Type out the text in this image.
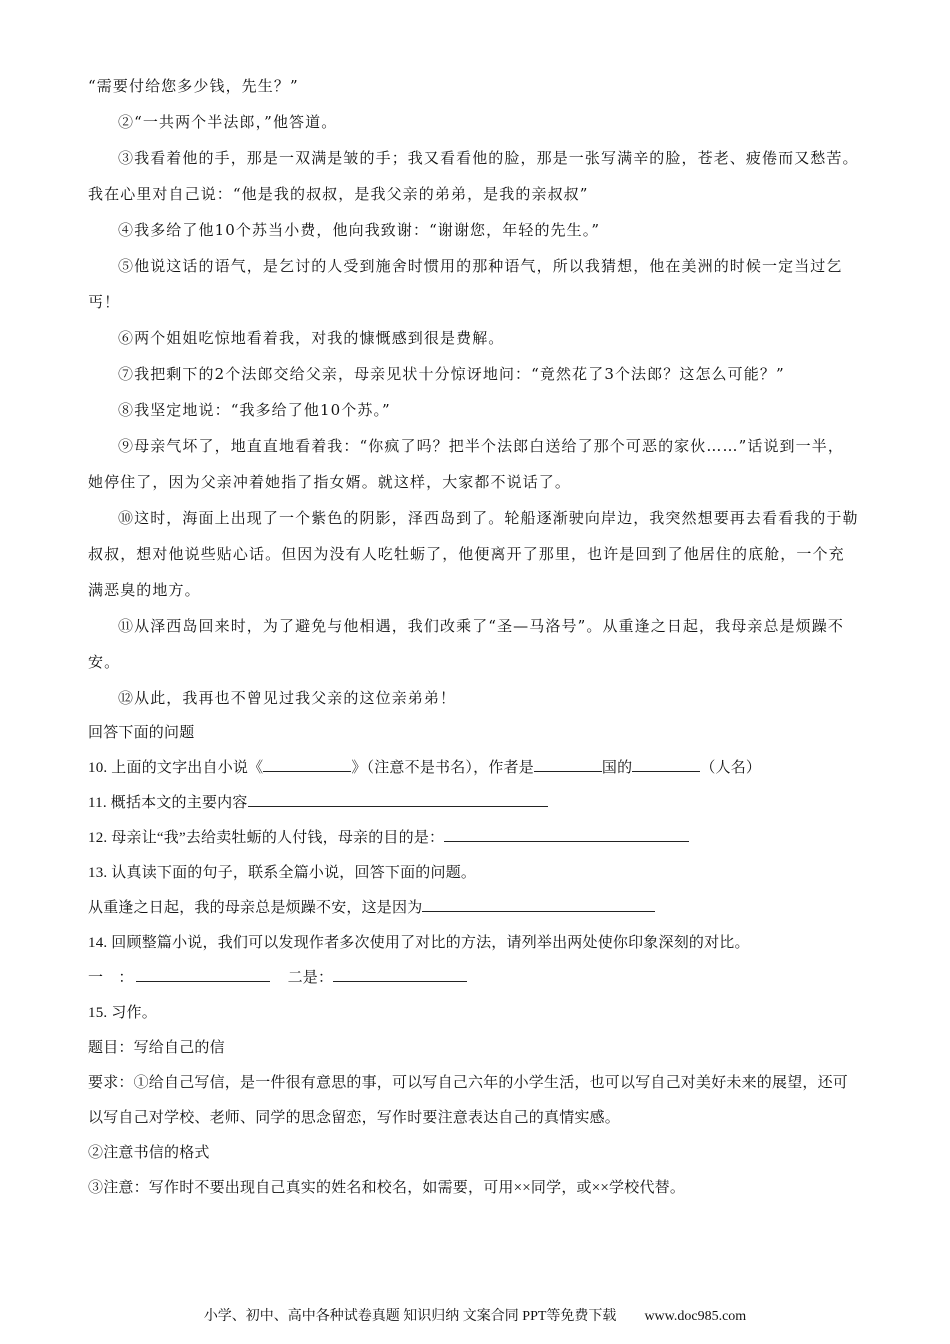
“需要付给您多少钱，先生？”

②“一共两个半法郎，”他答道。

③我看着他的手，那是一双满是皱的手；我又看看他的脸，那是一张写满辛的脸，苍老、疲倦而又愁苦。我在心里对自己说：“他是我的叔叔，是我父亲的弟弟，是我的亲叔叔”

④我多给了他10个苏当小费，他向我致谢：“谢谢您，年轻的先生。”

⑤他说这话的语气，是乞讨的人受到施舍时惯用的那种语气，所以我猜想，他在美洲的时候一定当过乞丐！

⑥两个姐姐吃惊地看着我，对我的慷慨感到很是费解。

⑦我把剩下的2个法郎交给父亲，母亲见状十分惊讶地问：“竟然花了3个法郎？这怎么可能？”

⑧我坚定地说：“我多给了他10个苏。”

⑨母亲气坏了，地直直地看着我：“你疯了吗？把半个法郎白送给了那个可恶的家伙……”话说到一半，她停住了，因为父亲冲着她指了指女婿。就这样，大家都不说话了。

⑩这时，海面上出现了一个紫色的阴影，泽西岛到了。轮船逐渐驶向岸边，我突然想要再去看看我的于勒叔叔，想对他说些贴心话。但因为没有人吃牡蛎了，他便离开了那里，也许是回到了他居住的底舱，一个充满恶臭的地方。

⑪从泽西岛回来时，为了避免与他相遇，我们改乘了“圣—马洛号”。从重逢之日起，我母亲总是烦躁不安。

⑫从此，我再也不曾见过我父亲的这位亲弟弟！

回答下面的问题

10. 上面的文字出自小说《	》（注意不是书名），作者是	国的	（人名）

11. 概括本文的主要内容

12. 母亲让“我”去给卖牡蛎的人付钱，母亲的目的是：

13. 认真读下面的句子，联系全篇小说，回答下面的问题。

从重逢之日起，我的母亲总是烦躁不安，这是因为

14. 回顾整篇小说，我们可以发现作者多次使用了对比的方法，请列举出两处使你印象深刻的对比。

一　：	二是：

15. 习作。

题目：写给自己的信

要求：①给自己写信，是一件很有意思的事，可以写自己六年的小学生活，也可以写自己对美好未来的展望，还可以写自己对学校、老师、同学的思念留恋，写作时要注意表达自己的真情实感。

②注意书信的格式

③注意：写作时不要出现自己真实的姓名和校名，如需要，可用××同学，或××学校代替。

小学、初中、高中各种试卷真题 知识归纳 文案合同 PPT等免费下载 www.doc985.com
